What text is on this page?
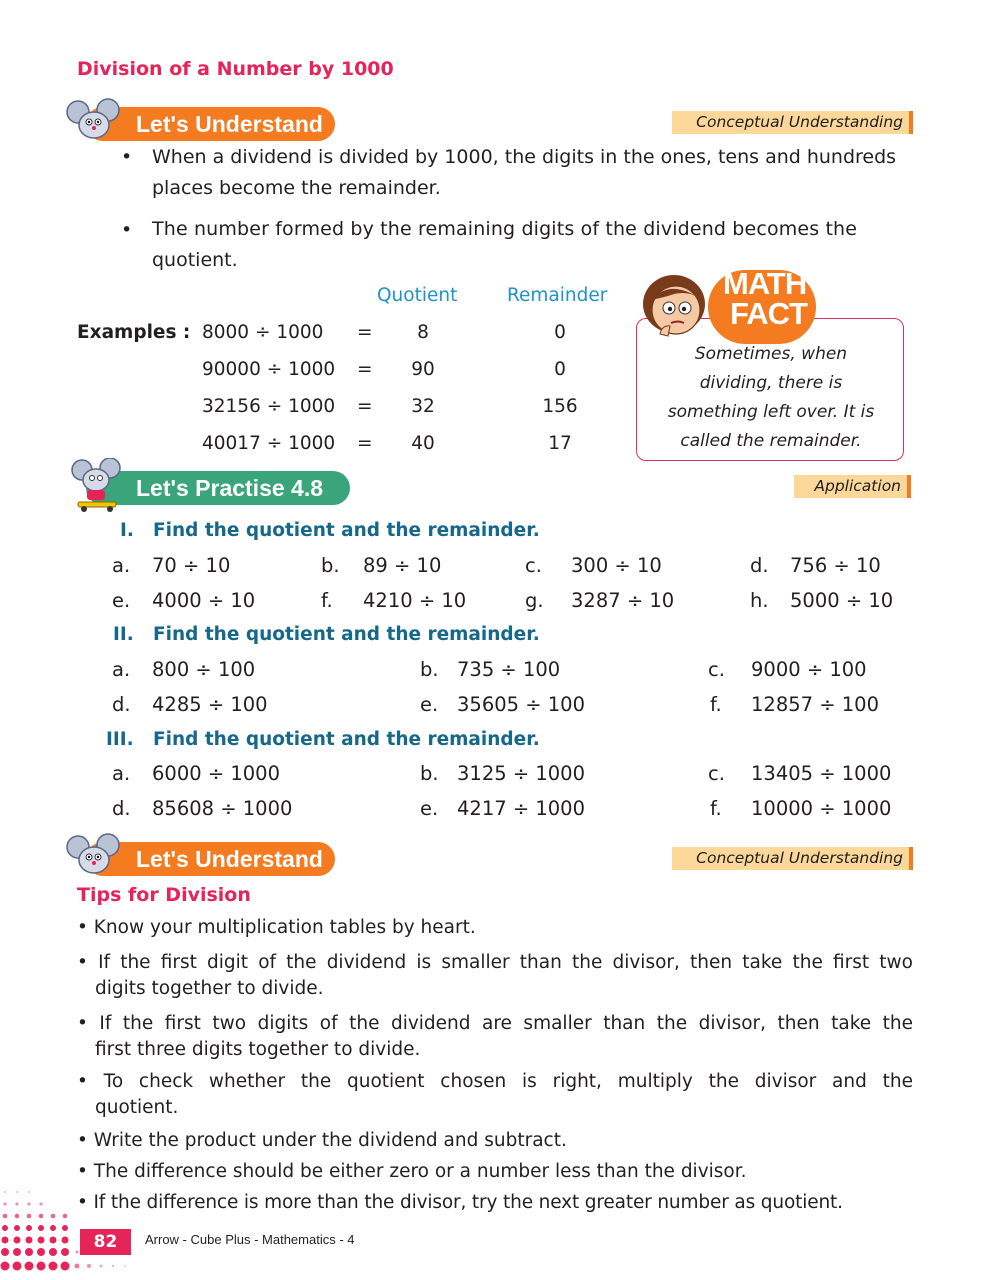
Division of a Number by 1000
Let's Understand	Conceptual Understanding
• When a dividend is divided by 1000, the digits in the ones, tens and hundreds
places become the remainder.
• The number formed by the remaining digits of the dividend becomes the
quotient.
Quotient	Remainder
Examples : 8000 ÷ 1000 =	8	0
90000 ÷ 1000 =	90	0
32156 ÷ 1000 =	32	156
40017 ÷ 1000 =	40	17
MATH
FACT
Sometimes, when
dividing, there is
something left over. It is
called the remainder.
Let's Practise 4.8	Application
I. Find the quotient and the remainder.
a. 70 ÷ 10	b. 89 ÷ 10	c. 300 ÷ 10	d. 756 ÷ 10
e. 4000 ÷ 10	f. 4210 ÷ 10	g. 3287 ÷ 10	h. 5000 ÷ 10
II. Find the quotient and the remainder.
a. 800 ÷ 100	b. 735 ÷ 100	c. 9000 ÷ 100
d. 4285 ÷ 100	e. 35605 ÷ 100	f. 12857 ÷ 100
III. Find the quotient and the remainder.
a. 6000 ÷ 1000	b. 3125 ÷ 1000	c. 13405 ÷ 1000
d. 85608 ÷ 1000	e. 4217 ÷ 1000	f. 10000 ÷ 1000
Let's Understand	Conceptual Understanding
Tips for Division
• Know your multiplication tables by heart.
• If the first digit of the dividend is smaller than the divisor, then take the first two
digits together to divide.
• If the first two digits of the dividend are smaller than the divisor, then take the
first three digits together to divide.
• To check whether the quotient chosen is right, multiply the divisor and the
quotient.
• Write the product under the dividend and subtract.
• The difference should be either zero or a number less than the divisor.
• If the difference is more than the divisor, try the next greater number as quotient.
82	Arrow - Cube Plus - Mathematics - 4
